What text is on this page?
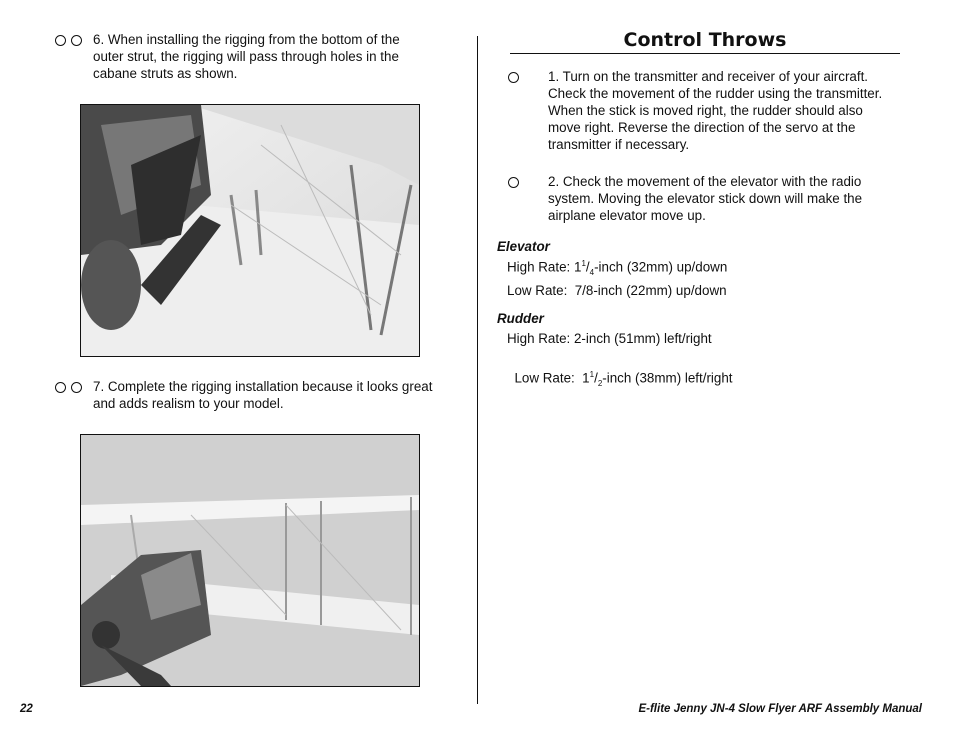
6. When installing the rigging from the bottom of the outer strut, the rigging will pass through holes in the cabane struts as shown.
7. Complete the rigging installation because it looks great and adds realism to your model.
Control Throws
1. Turn on the transmitter and receiver of your aircraft. Check the movement of the rudder using the transmitter. When the stick is moved right, the rudder should also move right. Reverse the direction of the servo at the transmitter if necessary.
2. Check the movement of the elevator with the radio system. Moving the elevator stick down will make the airplane elevator move up.
Elevator
High Rate: $1^1/_4$-inch (32mm) up/down
Low Rate:  7/8-inch (22mm) up/down
Rudder
High Rate: 2-inch (51mm) left/right

Low Rate:  $1^1/_2$-inch (38mm) left/right

22	E-flite Jenny JN-4 Slow Flyer ARF Assembly Manual
